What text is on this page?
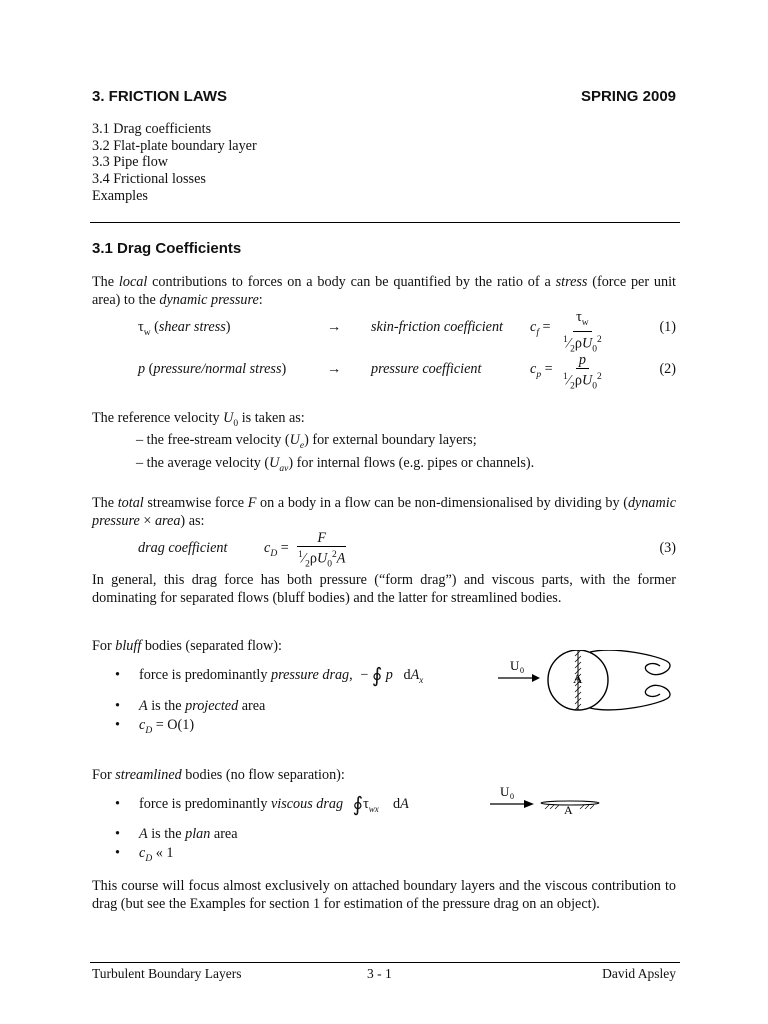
3. FRICTION LAWS	SPRING 2009
3.1 Drag coefficients
3.2 Flat-plate boundary layer
3.3 Pipe flow
3.4 Frictional losses
Examples
3.1 Drag Coefficients

The local contributions to forces on a body can be quantified by the ratio of a stress (force per unit area) to the dynamic pressure:

$\tau_w$ (shear stress)	→ skin-friction coefficient $c_f = \frac{\tau_w}{^1⁄_2\rho U_0^2}$	(1)
p (pressure/normal stress)	→ pressure coefficient	$c_p = \frac{p}{^1⁄_2\rho U_0^2}$	(2)
The reference velocity $U_0$ is taken as:
– the free-stream velocity $(U_e)$ for external boundary layers;
– the average velocity $(U_{av})$ for internal flows (e.g. pipes or channels).

The total streamwise force F on a body in a flow can be non-dimensionalised by dividing by (dynamic pressure × area) as:

drag coefficient	$c_D = \frac{F}{^1⁄_2\rho U_0^2A}$	(3)

In general, this drag force has both pressure (“form drag”) and viscous parts, with the former dominating for separated flows (bluff bodies) and the latter for streamlined bodies.

For bluff bodies (separated flow):
• force is predominantly pressure drag, − ∮ p   $dA_x$
• A is the projected area
• $c_D = O(1)$
U 0
A
For streamlined bodies (no flow separation):
• force is predominantly viscous drag $∮\tau_{wx}$    dA
• A is the plan area
• $c_D$ « 1
U 0
A

This course will focus almost exclusively on attached boundary layers and the viscous contribution to drag (but see the Examples for section 1 for estimation of the pressure drag on an object).

Turbulent Boundary Layers	3 - 1	David Apsley
